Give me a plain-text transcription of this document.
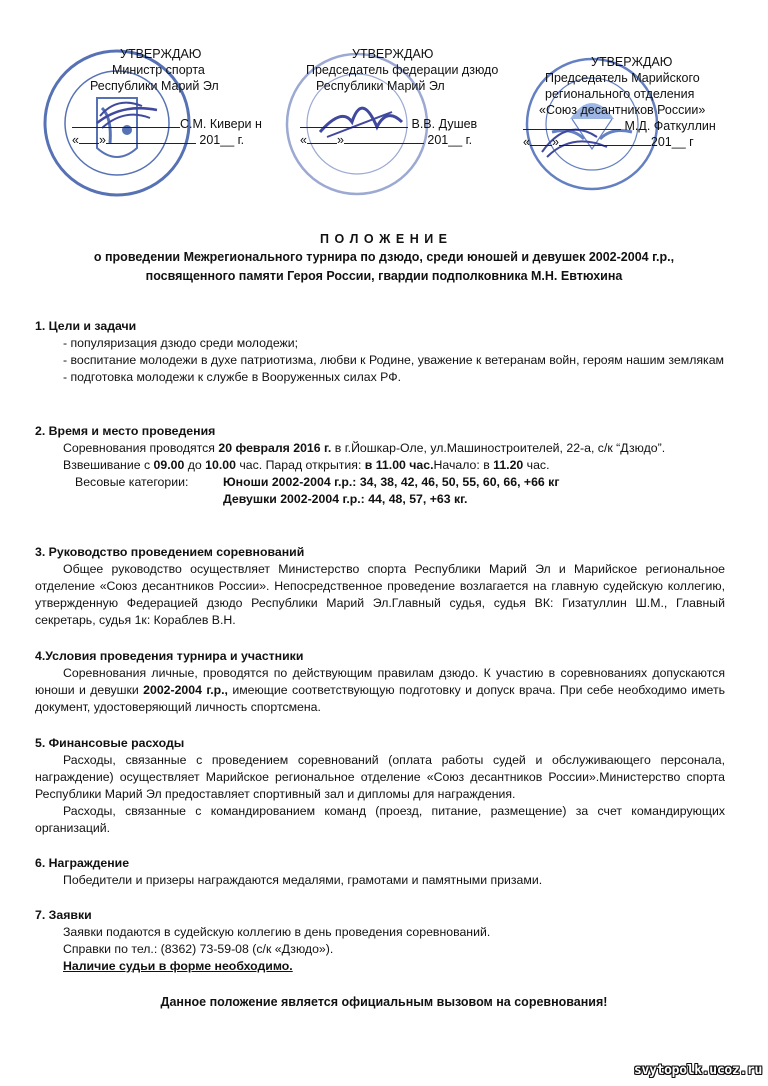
УТВЕРЖДАЮ
Министр спорта
Республики Марий Эл
С.М. Кивери н
« »	201__ г.
УТВЕРЖДАЮ
Председатель федерации дзюдо
Республики Марий Эл
В.В. Душев
« »	201__ г.
УТВЕРЖДАЮ
Председатель Марийского
регионального отделения
«Союз десантников России»
М.Д. Фаткуллин
« »	201__ г
П О Л О Ж Е Н И Е
о проведении Межрегионального турнира по дзюдо, среди юношей и девушек 2002-2004 г.р.,
посвященного памяти Героя России, гвардии подполковника М.Н. Евтюхина
1. Цели и задачи

- популяризация дзюдо среди молодежи;

- воспитание молодежи в духе патриотизма, любви к Родине, уважение к ветеранам войн, героям нашим землякам

- подготовка молодежи к службе в Вооруженных силах РФ.

2. Время и место проведения

Соревнования проводятся 20 февраля 2016 г. в г.Йошкар-Оле, ул.Машиностроителей, 22-а, с/к “Дзюдо”.

Взвешивание с 09.00 до 10.00 час. Парад открытия: в 11.00 час.Начало: в 11.20 час.

Весовые категории:	Юноши 2002-2004 г.р.: 34, 38, 42, 46, 50, 55, 60, 66, +66 кг
Девушки 2002-2004 г.р.: 44, 48, 57, +63 кг.
3. Руководство проведением соревнований

Общее руководство осуществляет Министерство спорта Республики Марий Эл и Марийское региональное отделение «Союз десантников России». Непосредственное проведение возлагается на главную судейскую коллегию, утвержденную Федерацией дзюдо Республики Марий Эл.Главный судья, судья ВК: Гизатуллин Ш.М., Главный секретарь, судья 1к: Кораблев В.Н.

4.Условия проведения турнира и участники

Соревнования личные, проводятся по действующим правилам дзюдо. К участию в соревнованиях допускаются юноши и девушки 2002-2004 г.р., имеющие соответствующую подготовку и допуск врача. При себе необходимо иметь документ, удостоверяющий личность спортсмена.

5. Финансовые расходы

Расходы, связанные с проведением соревнований (оплата работы судей и обслуживающего персонала, награждение) осуществляет Марийское региональное отделение «Союз десантников России».Министерство спорта Республики Марий Эл предоставляет спортивный зал и дипломы для награждения.

Расходы, связанные с командированием команд (проезд, питание, размещение) за счет командирующих организаций.

6. Награждение

Победители и призеры награждаются медалями, грамотами и памятными призами.

7. Заявки

Заявки подаются в судейскую коллегию в день проведения соревнований.

Справки по тел.: (8362) 73-59-08 (с/к «Дзюдо»).

Наличие судьи в форме необходимо.

Данное положение является официальным вызовом на соревнования!
svytopolk.ucoz.ru
